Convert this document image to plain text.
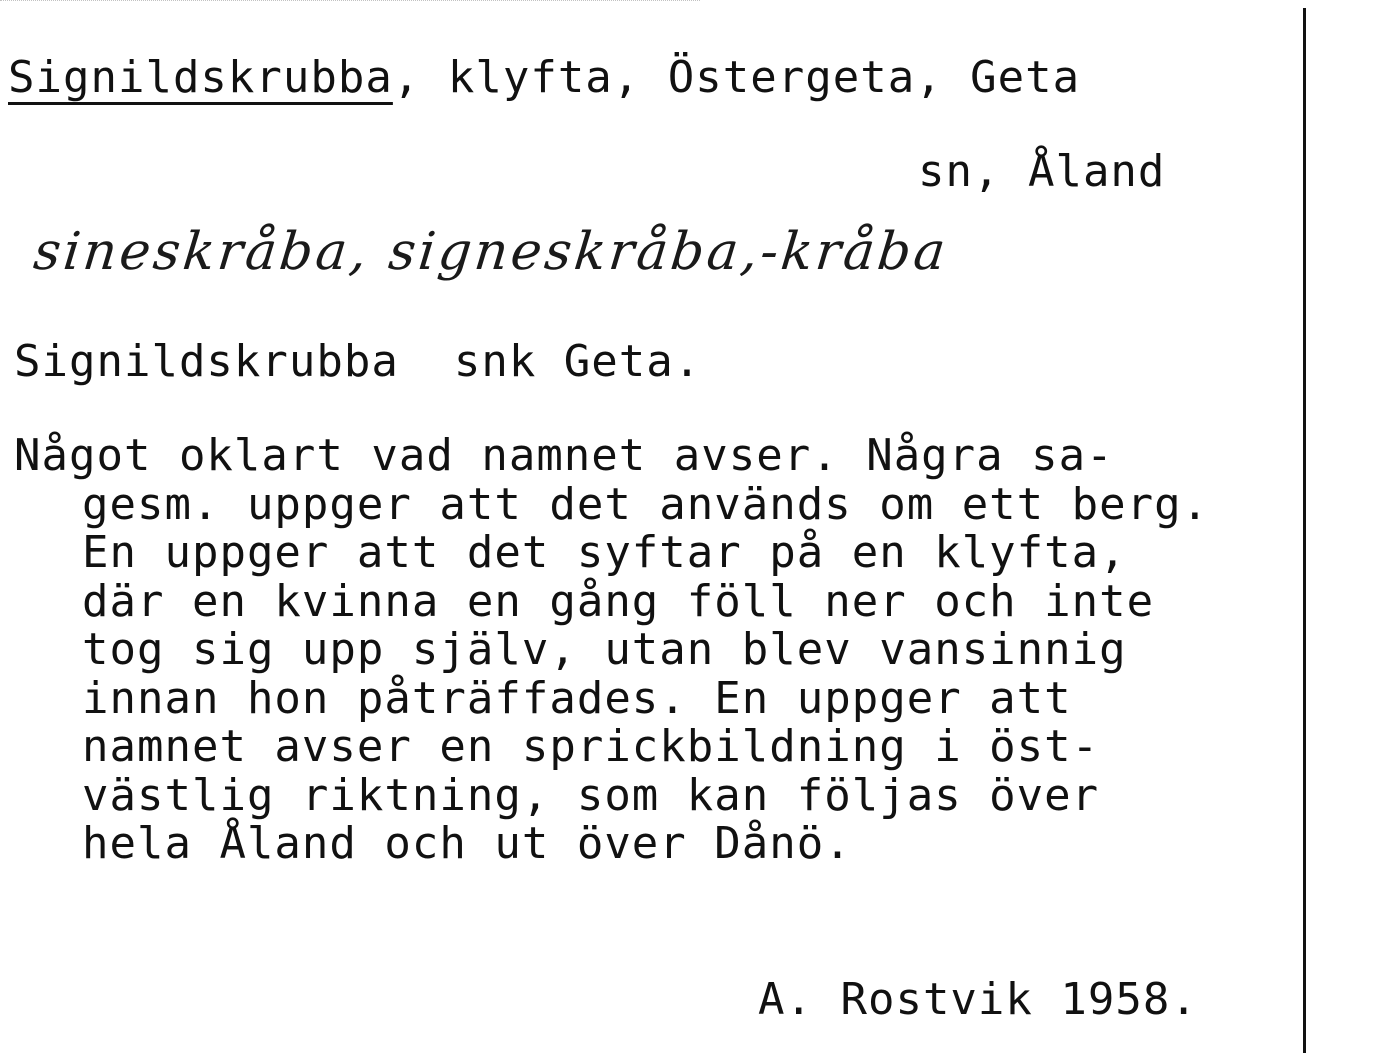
Signildskrubba, klyfta, Östergeta, Geta
sn, Åland
sineskråba, signeskråba,-kråba
Signildskrubba  snk Geta.
Något oklart vad namnet avser. Några sa-
gesm. uppger att det används om ett berg.
En uppger att det syftar på en klyfta,
där en kvinna en gång föll ner och inte
tog sig upp själv, utan blev vansinnig
innan hon påträffades. En uppger att
namnet avser en sprickbildning i öst-
västlig riktning, som kan följas över
hela Åland och ut över Dånö.
A. Rostvik 1958.
